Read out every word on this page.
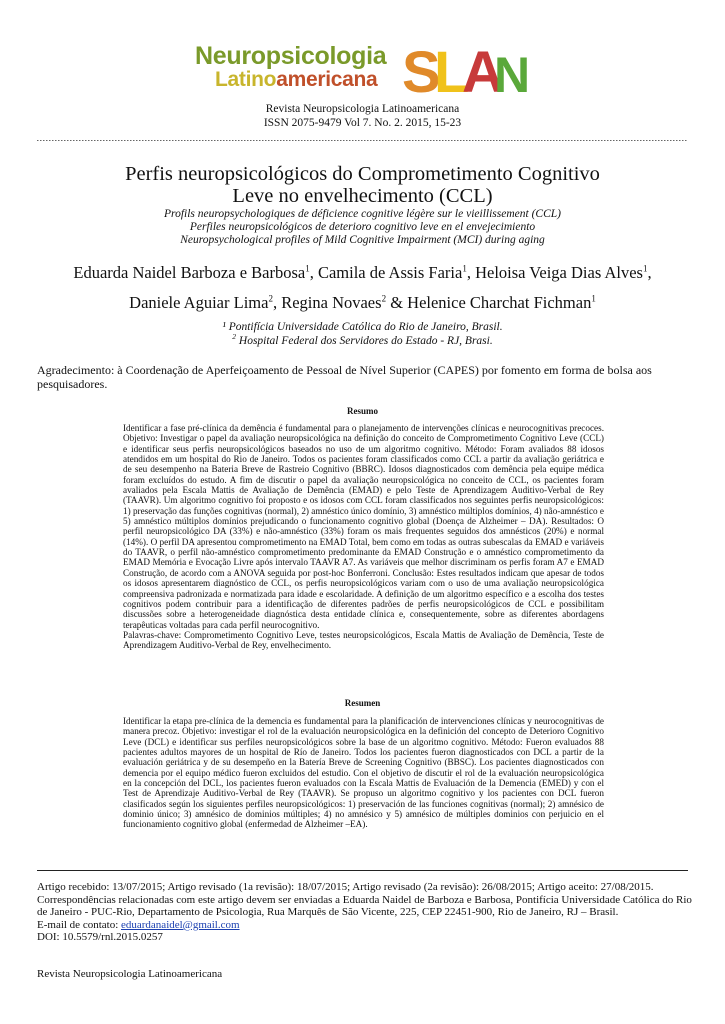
Neuropsicologia
Latinoamericana S
L
A
N
Revista Neuropsicologia Latinoamericana
ISSN 2075-9479 Vol 7. No. 2. 2015, 15-23
Perfis neuropsicológicos do Comprometimento Cognitivo
Leve no envelhecimento (CCL)
Profils neuropsychologiques de déficience cognitive légère sur le vieillissement (CCL)
Perfiles neuropsicológicos de deterioro cognitivo leve en el envejecimiento
Neuropsychological profiles of Mild Cognitive Impairment (MCI) during aging
Eduarda Naidel Barboza e Barbosa$^1$, Camila de Assis Faria$^1$, Heloisa Veiga Dias Alves$^1$,
Daniele Aguiar Lima$^2$, Regina Novaes$^2$ & Helenice Charchat Fichman$^1$
¹ Pontifícia Universidade Católica do Rio de Janeiro, Brasil.
$^2$ Hospital Federal dos Servidores do Estado - RJ, Brasi.
Agradecimento: à Coordenação de Aperfeiçoamento de Pessoal de Nível Superior (CAPES) por fomento em forma de bolsa aos pesquisadores.
Resumo

Identificar a fase pré-clínica da demência é fundamental para o planejamento de intervenções clínicas e neurocognitivas precoces. Objetivo: Investigar o papel da avaliação neuropsicológica na definição do conceito de Comprometimento Cognitivo Leve (CCL) e identificar seus perfis neuropsicológicos baseados no uso de um algoritmo cognitivo. Método: Foram avaliados 88 idosos atendidos em um hospital do Rio de Janeiro. Todos os pacientes foram classificados como CCL a partir da avaliação geriátrica e de seu desempenho na Bateria Breve de Rastreio Cognitivo (BBRC). Idosos diagnosticados com demência pela equipe médica foram excluídos do estudo. A fim de discutir o papel da avaliação neuropsicológica no conceito de CCL, os pacientes foram avaliados pela Escala Mattis de Avaliação de Demência (EMAD) e pelo Teste de Aprendizagem Auditivo-Verbal de Rey (TAAVR). Um algoritmo cognitivo foi proposto e os idosos com CCL foram classificados nos seguintes perfis neuropsicológicos: 1) preservação das funções cognitivas (normal), 2) amnéstico único domínio, 3) amnéstico múltiplos domínios, 4) não-amnéstico e 5) amnéstico múltiplos domínios prejudicando o funcionamento cognitivo global (Doença de Alzheimer – DA). Resultados: O perfil neuropsicológico DA (33%) e não-amnéstico (33%) foram os mais frequentes seguidos dos amnésticos (20%) e normal (14%). O perfil DA apresentou comprometimento na EMAD Total, bem como em todas as outras subescalas da EMAD e variáveis do TAAVR, o perfil não-amnéstico comprometimento predominante da EMAD Construção e o amnéstico comprometimento da EMAD Memória e Evocação Livre após intervalo TAAVR A7. As variáveis que melhor discriminam os perfis foram A7 e EMAD Construção, de acordo com a ANOVA seguida por post-hoc Bonferroni. Conclusão: Estes resultados indicam que apesar de todos os idosos apresentarem diagnóstico de CCL, os perfis neuropsicológicos variam com o uso de uma avaliação neuropsicológica compreensiva padronizada e normatizada para idade e escolaridade. A definição de um algoritmo específico e a escolha dos testes cognitivos podem contribuir para a identificação de diferentes padrões de perfis neuropsicológicos de CCL e possibilitam discussões sobre a heterogeneidade diagnóstica desta entidade clínica e, consequentemente, sobre as diferentes abordagens terapêuticas voltadas para cada perfil neurocognitivo.

Palavras-chave: Comprometimento Cognitivo Leve, testes neuropsicológicos, Escala Mattis de Avaliação de Demência, Teste de Aprendizagem Auditivo-Verbal de Rey, envelhecimento.

Resumen

Identificar la etapa pre-clínica de la demencia es fundamental para la planificación de intervenciones clínicas y neurocognitivas de manera precoz. Objetivo: investigar el rol de la evaluación neuropsicológica en la definición del concepto de Deterioro Cognitivo Leve (DCL) e identificar sus perfiles neuropsicológicos sobre la base de un algoritmo cognitivo. Método: Fueron evaluados 88 pacientes adultos mayores de un hospital de Río de Janeiro. Todos los pacientes fueron diagnosticados con DCL a partir de la evaluación geriátrica y de su desempeño en la Batería Breve de Screening Cognitivo (BBSC). Los pacientes diagnosticados con demencia por el equipo médico fueron excluidos del estudio. Con el objetivo de discutir el rol de la evaluación neuropsicológica en la concepción del DCL, los pacientes fueron evaluados con la Escala Mattis de Evaluación de la Demencia (EMED) y con el Test de Aprendizaje Auditivo-Verbal de Rey (TAAVR). Se propuso un algoritmo cognitivo y los pacientes con DCL fueron clasificados según los siguientes perfiles neuropsicológicos: 1) preservación de las funciones cognitivas (normal); 2) amnésico de dominio único; 3) amnésico de dominios múltiples; 4) no amnésico y 5) amnésico de múltiples dominios con perjuicio en el funcionamiento cognitivo global (enfermedad de Alzheimer –EA).

Artigo recebido: 13/07/2015; Artigo revisado (1a revisão): 18/07/2015; Artigo revisado (2a revisão): 26/08/2015; Artigo aceito: 27/08/2015.

Correspondências relacionadas com este artigo devem ser enviadas a Eduarda Naidel de Barboza e Barbosa, Pontifícia Universidade Católica do Rio de Janeiro - PUC-Rio, Departamento de Psicologia, Rua Marquês de São Vicente, 225, CEP 22451-900, Rio de Janeiro, RJ – Brasil.

E-mail de contato: eduardanaidel@gmail.com

DOI: 10.5579/rnl.2015.0257

Revista Neuropsicologia Latinoamericana
